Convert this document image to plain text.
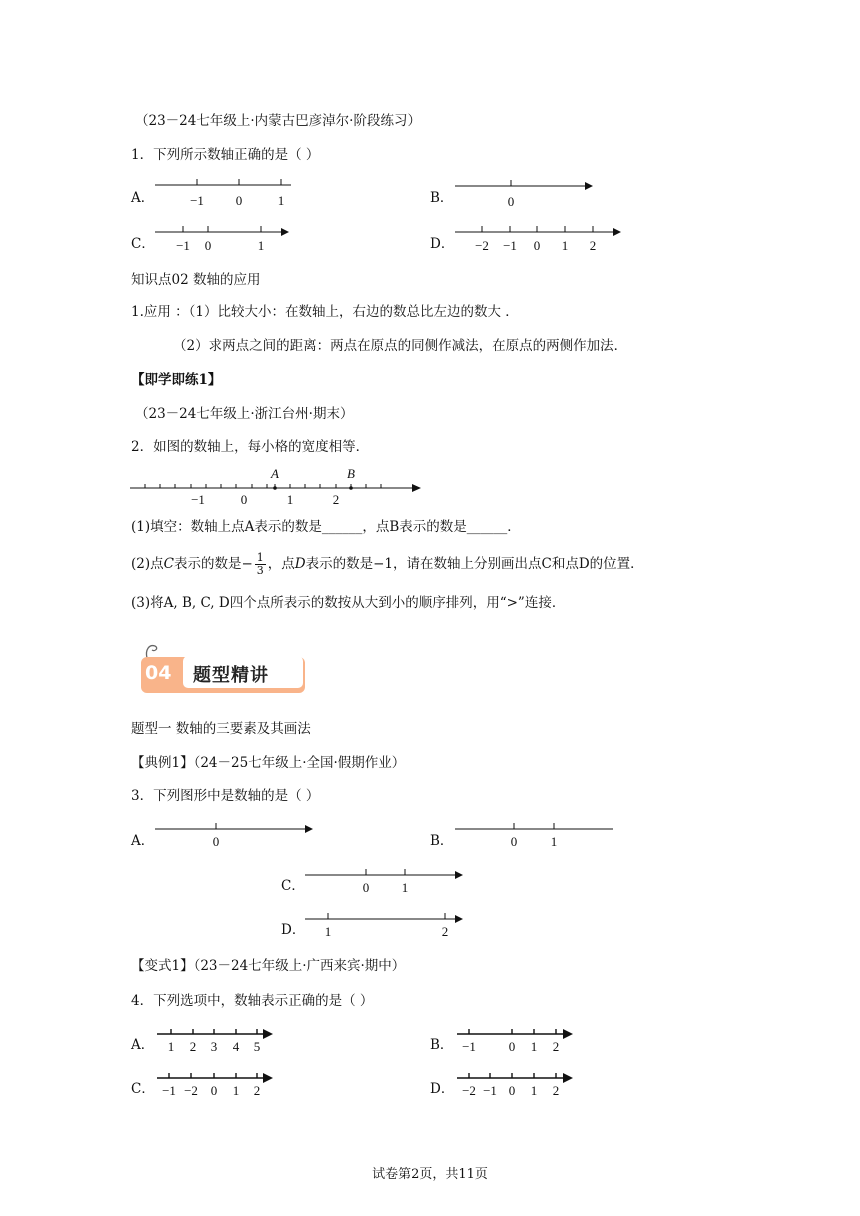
（23－24七年级上·内蒙古巴彦淖尔·阶段练习）
1．下列所示数轴正确的是（ ）
A．	−1 0	1	B．	0
C． −1 0	1	D． −2 −1 0 1 2
知识点02 数轴的应用
1.应用 ：（1）比较大小：在数轴上，右边的数总比左边的数大 ．
（2）求两点之间的距离：两点在原点的同侧作减法，在原点的两侧作加法．
【即学即练1】
（23－24七年级上·浙江台州·期末）
2．如图的数轴上，每小格的宽度相等．
A	B
−1	0	1	2
(1)填空：数轴上点A表示的数是______，点B表示的数是______．
(2)点C表示的数是− $\frac{1}{3}$ ，点D表示的数是−1，请在数轴上分别画出点C和点D的位置．
(3)将A, B, C, D四个点所表示的数按从大到小的顺序排列，用“>”连接．
04 题型精讲
题型一 数轴的三要素及其画法
【典例1】（24－25七年级上·全国·假期作业）
3．下列图形中是数轴的是（ ）
A．	0	B．	0	1
C．	0	1
D． 1	2
【变式1】（23－24七年级上·广西来宾·期中）
4．下列选项中，数轴表示正确的是（ ）
A． 1 2 3 4 5	B． −1	0 1 2
C． −1 −2 0 1 2	D． −2 −1 0 1 2
试卷第2页，共11页
